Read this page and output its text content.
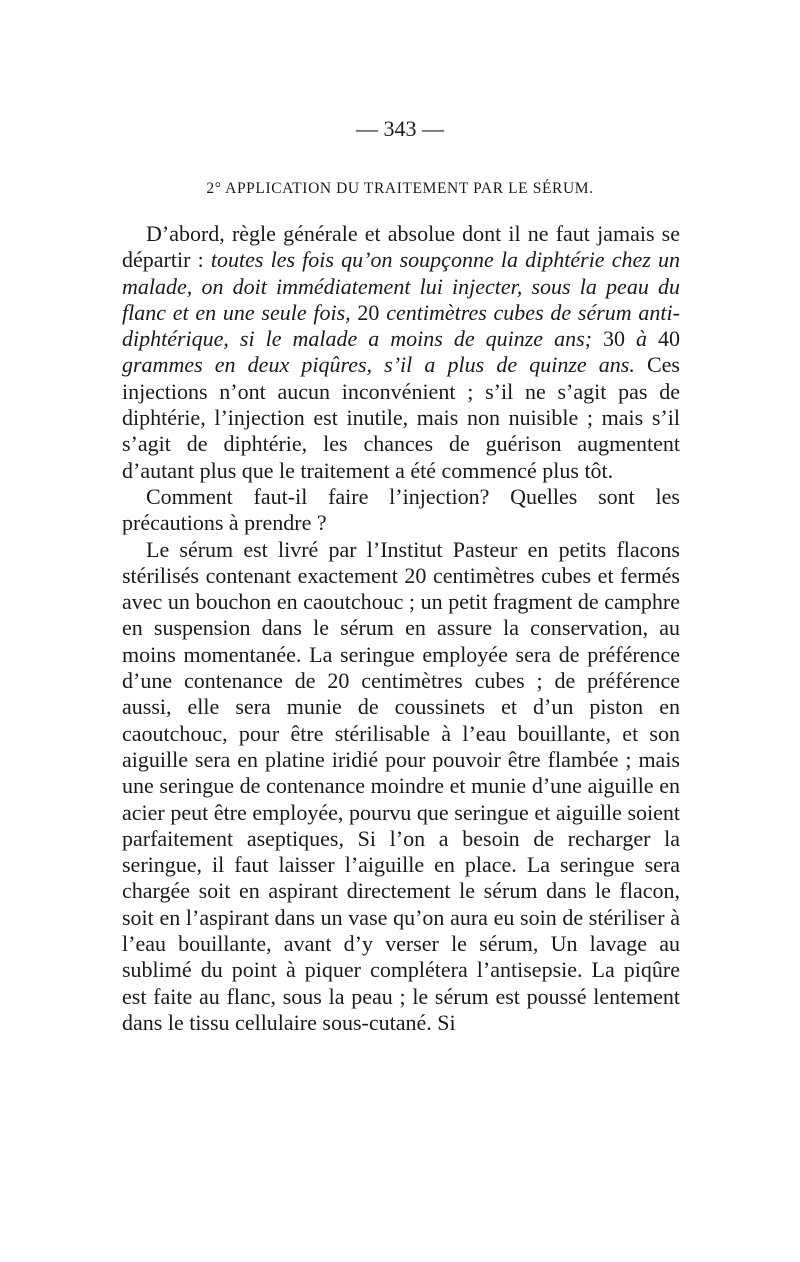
— 343 —
2° APPLICATION DU TRAITEMENT PAR LE SÉRUM.

D’abord, règle générale et absolue dont il ne faut jamais se départir : toutes les fois qu’on soupçonne la diphtérie chez un malade, on doit immédiatement lui injecter, sous la peau du flanc et en une seule fois, 20 centimètres cubes de sérum anti-diphtérique, si le malade a moins de quinze ans; 30 à 40 grammes en deux piqûres, s’il a plus de quinze ans. Ces injections n’ont aucun inconvénient ; s’il ne s’agit pas de diphtérie, l’injection est inutile, mais non nuisible ; mais s’il s’agit de diphtérie, les chances de guérison augmentent d’autant plus que le traitement a été commencé plus tôt.

Comment faut-il faire l’injection? Quelles sont les précautions à prendre ?

Le sérum est livré par l’Institut Pasteur en petits flacons stérilisés contenant exactement 20 centimètres cubes et fermés avec un bouchon en caoutchouc ; un petit fragment de camphre en suspension dans le sérum en assure la conservation, au moins momentanée. La seringue employée sera de préférence d’une contenance de 20 centimètres cubes ; de préférence aussi, elle sera munie de coussinets et d’un piston en caoutchouc, pour être stérilisable à l’eau bouillante, et son aiguille sera en platine iridié pour pouvoir être flambée ; mais une seringue de contenance moindre et munie d’une aiguille en acier peut être employée, pourvu que seringue et aiguille soient parfaitement aseptiques, Si l’on a besoin de recharger la seringue, il faut laisser l’aiguille en place. La seringue sera chargée soit en aspirant directement le sérum dans le flacon, soit en l’aspirant dans un vase qu’on aura eu soin de stériliser à l’eau bouillante, avant d’y verser le sérum, Un lavage au sublimé du point à piquer complétera l’antisepsie. La piqûre est faite au flanc, sous la peau ; le sérum est poussé lentement dans le tissu cellulaire sous-cutané. Si
